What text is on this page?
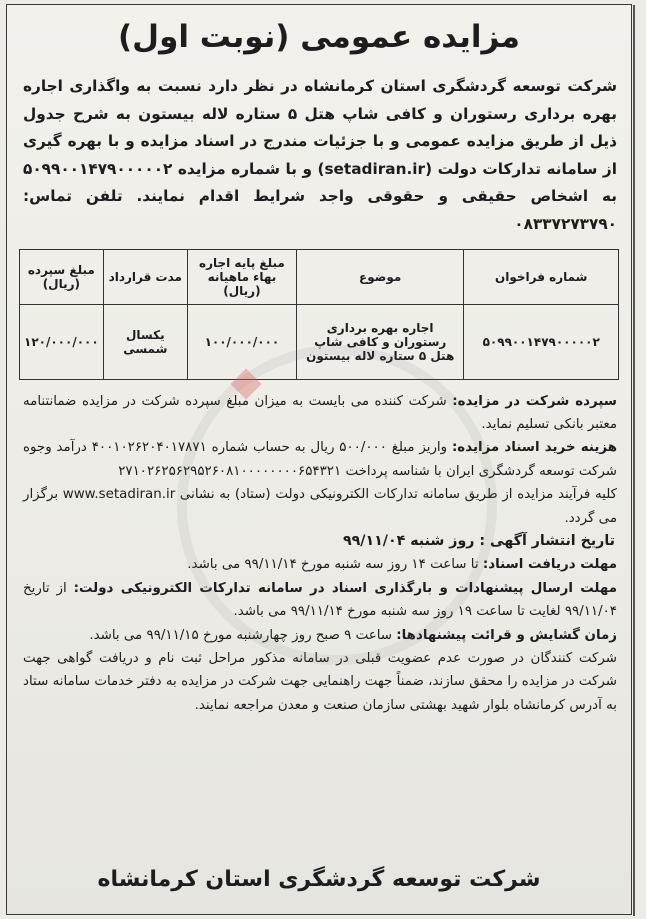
مزایده عمومی (نوبت اول)

شرکت توسعه گردشگری استان کرمانشاه در نظر دارد نسبت به واگذاری اجاره بهره برداری رستوران و کافی شاپ هتل ۵ ستاره لاله بیستون به شرح جدول ذیل از طریق مزایده عمومی و با جزئیات مندرج در اسناد مزایده و با بهره گیری از سامانه تدارکات دولت (setadiran.ir) و با شماره مزایده ۵۰۹۹۰۰۱۴۷۹۰۰۰۰۰۲ به اشخاص حقیقی و حقوقی واجد شرایط اقدام نمایند. تلفن تماس: ۰۸۳۳۷۲۷۳۷۹۰

شماره فراخوان	موضوع	مبلغ پایه اجاره بهاء ماهیانه (ریال)	مدت قرارداد	مبلغ سپرده (ریال)
۵۰۹۹۰۰۱۴۷۹۰۰۰۰۰۲	اجاره بهره برداری رستوران و کافی شاپ هتل ۵ ستاره لاله بیستون	۱۰۰/۰۰۰/۰۰۰	یکسال شمسی	۱۲۰/۰۰۰/۰۰۰

سپرده شرکت در مزایده: شرکت کننده می بایست به میزان مبلغ سپرده شرکت در مزایده ضمانتنامه معتبر بانکی تسلیم نماید.

هزینه خرید اسناد مزایده: واریز مبلغ ۵۰۰/۰۰۰ ریال به حساب شماره ۴۰۰۱۰۲۶۲۰۴۰۱۷۸۷۱ درآمد وجوه شرکت توسعه گردشگری ایران با شناسه پرداخت ۲۷۱۰۲۶۲۵۶۲۹۵۲۶۰۸۱۰۰۰۰۰۰۰۰۶۵۴۳۲۱

کلیه فرآیند مزایده از طریق سامانه تدارکات الکترونیکی دولت (ستاد) به نشانی www.setadiran.ir برگزار می گردد.

تاریخ انتشار آگهی : روز شنبه ۹۹/۱۱/۰۴

مهلت دریافت اسناد: تا ساعت ۱۴ روز سه شنبه مورخ ۹۹/۱۱/۱۴ می باشد.

مهلت ارسال پیشنهادات و بارگذاری اسناد در سامانه تدارکات الکترونیکی دولت: از تاریخ ۹۹/۱۱/۰۴ لغایت تا ساعت ۱۹ روز سه شنبه مورخ ۹۹/۱۱/۱۴ می باشد.

زمان گشایش و قرائت پیشنهادها: ساعت ۹ صبح روز چهارشنبه مورخ ۹۹/۱۱/۱۵ می باشد.

شرکت کنندگان در صورت عدم عضویت قبلی در سامانه مذکور مراحل ثبت نام و دریافت گواهی جهت شرکت در مزایده را محقق سازند، ضمناً جهت راهنمایی جهت شرکت در مزایده به دفتر خدمات سامانه ستاد به آدرس کرمانشاه بلوار شهید بهشتی سازمان صنعت و معدن مراجعه نمایند.

شرکت توسعه گردشگری استان کرمانشاه
